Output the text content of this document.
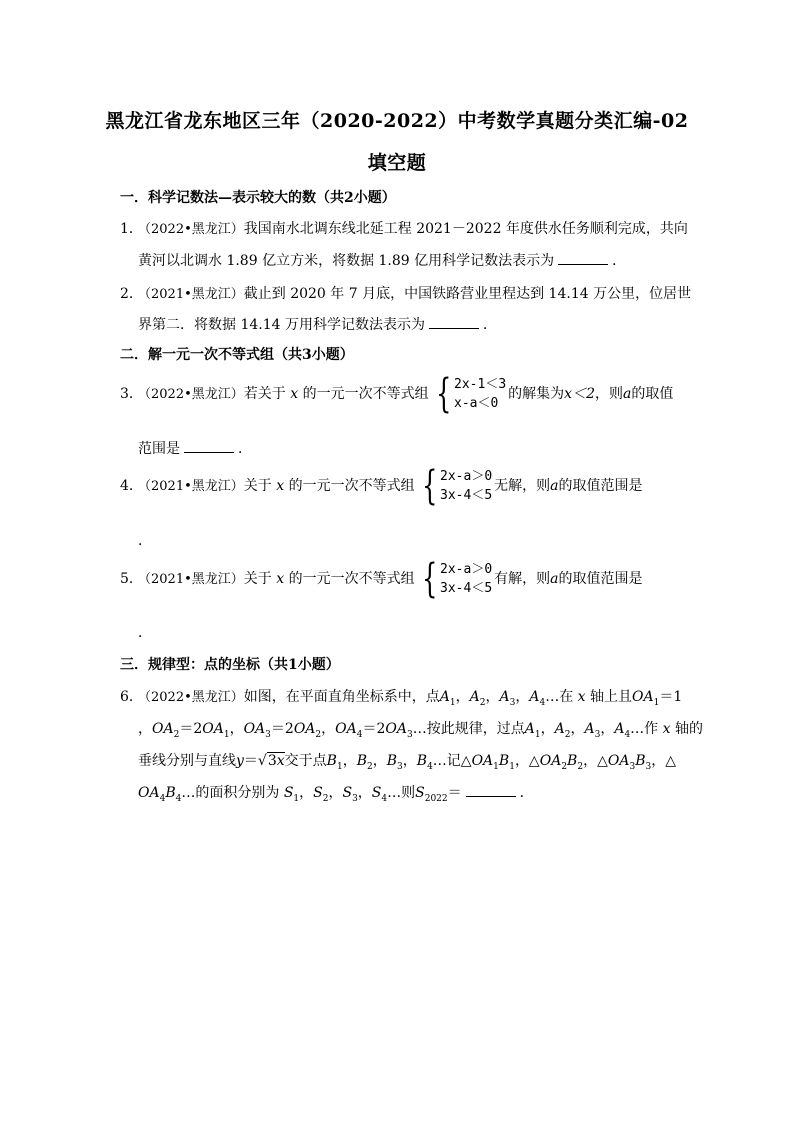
黑龙江省龙东地区三年（2020-2022）中考数学真题分类汇编-02
填空题
一．科学记数法—表示较大的数（共2小题）
1．（2022•黑龙江）我国南水北调东线北延工程 2021－2022 年度供水任务顺利完成，共向
黄河以北调水 1.89 亿立方米，将数据 1.89 亿用科学记数法表示为	．
2．（2021•黑龙江）截止到 2020 年 7 月底，中国铁路营业里程达到 14.14 万公里，位居世
界第二．将数据 14.14 万用科学记数法表示为	．
二．解一元一次不等式组（共3小题）
3．（2022•黑龙江）若关于 x 的一元一次不等式组 { 2x-1＜3
x-a＜0
的解集为x＜2，则a的取值
范围是	．
4．（2021•黑龙江）关于 x 的一元一次不等式组 { 2x-a＞0
3x-4＜5
无解，则a的取值范围是
．
5．（2021•黑龙江）关于 x 的一元一次不等式组 { 2x-a＞0
3x-4＜5
有解，则a的取值范围是
．
三．规律型：点的坐标（共1小题）
6．（2022•黑龙江）如图，在平面直角坐标系中，点$A_1$，$A_2$，$A_3$，$A_4\dots$在 x 轴上且$OA_1=1$
，$OA_2=2OA_1$，$OA_3=2OA_2$，$OA_4=2OA_3\dots$按此规律，过点$A_1$，$A_2$，$A_3$，$A_4\dots$作 x 轴的
垂线分别与直线y＝√ 3x 交于点$B_1$，$B_2$，$B_3$，$B_4\dots$记$\triangle OA_1B_1$，$\triangle OA_2B_2$，$\triangle OA_3B_3$，△
$OA_4B_4\dots$的面积分别为 $S_1$，$S_2$，$S_3$，$S_4\dots$则$S_{2022}=$	．
